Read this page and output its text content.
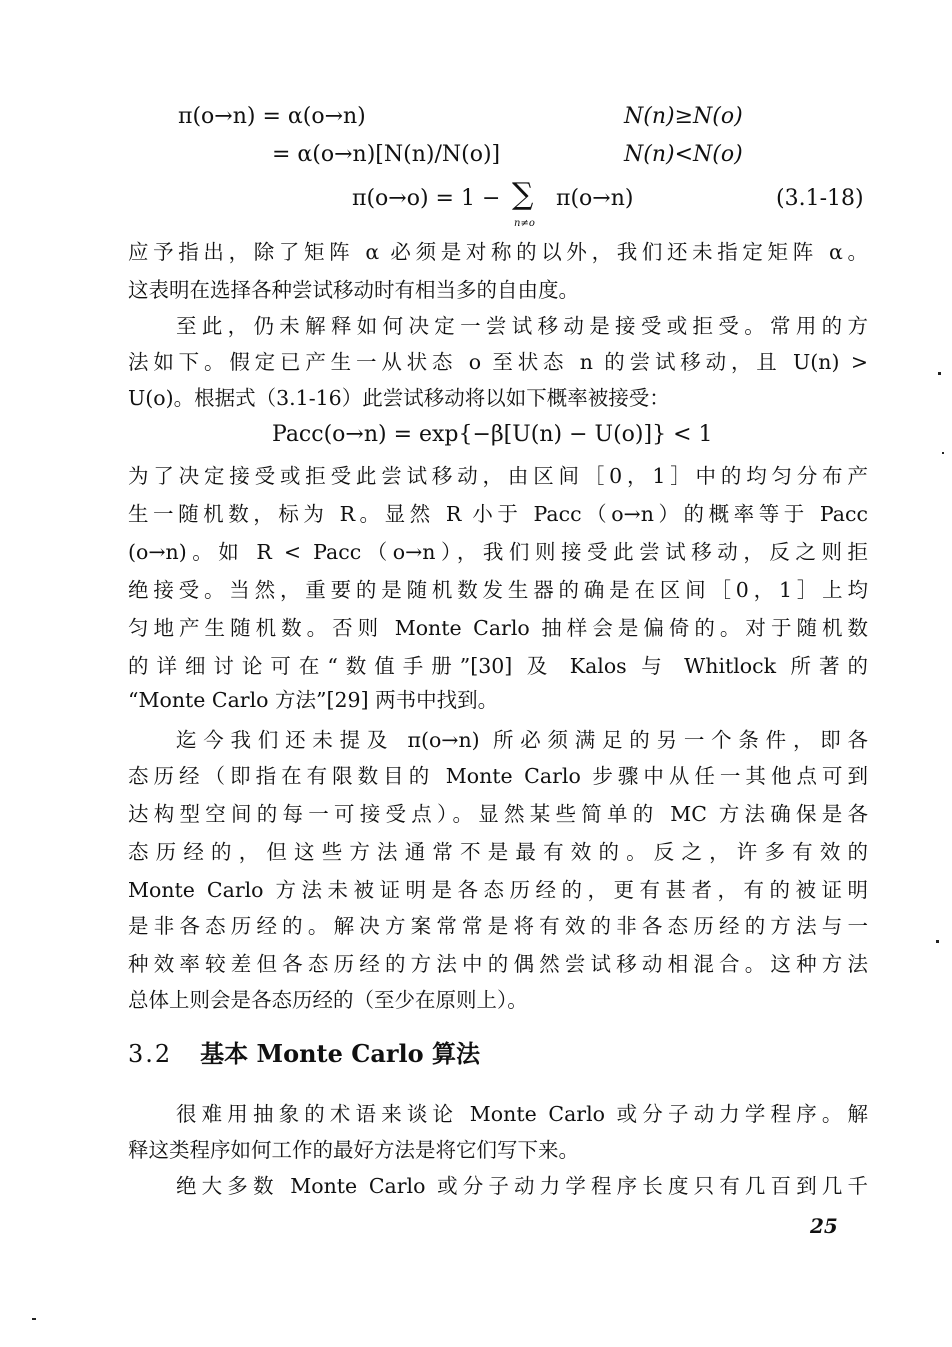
π(o→n) = α(o→n)	N(n)≥N(o)
= α(o→n)[N(n)/N(o)]	N(n)<N(o)
π(o→o) = 1 − ∑
n≠o
π(o→n)	(3.1-18)
应予指出，除了矩阵 α 必须是对称的以外，我们还未指定矩阵 α。
这表明在选择各种尝试移动时有相当多的自由度。
至此，仍未解释如何决定一尝试移动是接受或拒受。常用的方
法如下。假定已产生一从状态 o 至状态 n 的尝试移动，且 U(n) >
U(o)。根据式（3.1-16）此尝试移动将以如下概率被接受：
Pacc(o→n) = exp{−β[U(n) − U(o)]} < 1
为了决定接受或拒受此尝试移动，由区间［0，1］中的均匀分布产
生一随机数，标为 R。显然 R 小于 Pacc（o→n）的概率等于 Pacc
(o→n)。如 R < Pacc（o→n），我们则接受此尝试移动，反之则拒
绝接受。当然，重要的是随机数发生器的确是在区间［0，1］上均
匀地产生随机数。否则 Monte Carlo 抽样会是偏倚的。对于随机数
的详细讨论可在“数值手册”[30] 及 Kalos 与 Whitlock 所著的
“Monte Carlo 方法”[29] 两书中找到。
迄今我们还未提及 π(o→n) 所必须满足的另一个条件，即各
态历经（即指在有限数目的 Monte Carlo 步骤中从任一其他点可到
达构型空间的每一可接受点）。显然某些简单的 MC 方法确保是各
态历经的，但这些方法通常不是最有效的。反之，许多有效的
Monte Carlo 方法未被证明是各态历经的，更有甚者，有的被证明
是非各态历经的。解决方案常常是将有效的非各态历经的方法与一
种效率较差但各态历经的方法中的偶然尝试移动相混合。这种方法
总体上则会是各态历经的（至少在原则上）。
3.2 基本 Monte Carlo 算法
很难用抽象的术语来谈论 Monte Carlo 或分子动力学程序。解
释这类程序如何工作的最好方法是将它们写下来。
绝大多数 Monte Carlo 或分子动力学程序长度只有几百到几千
25
